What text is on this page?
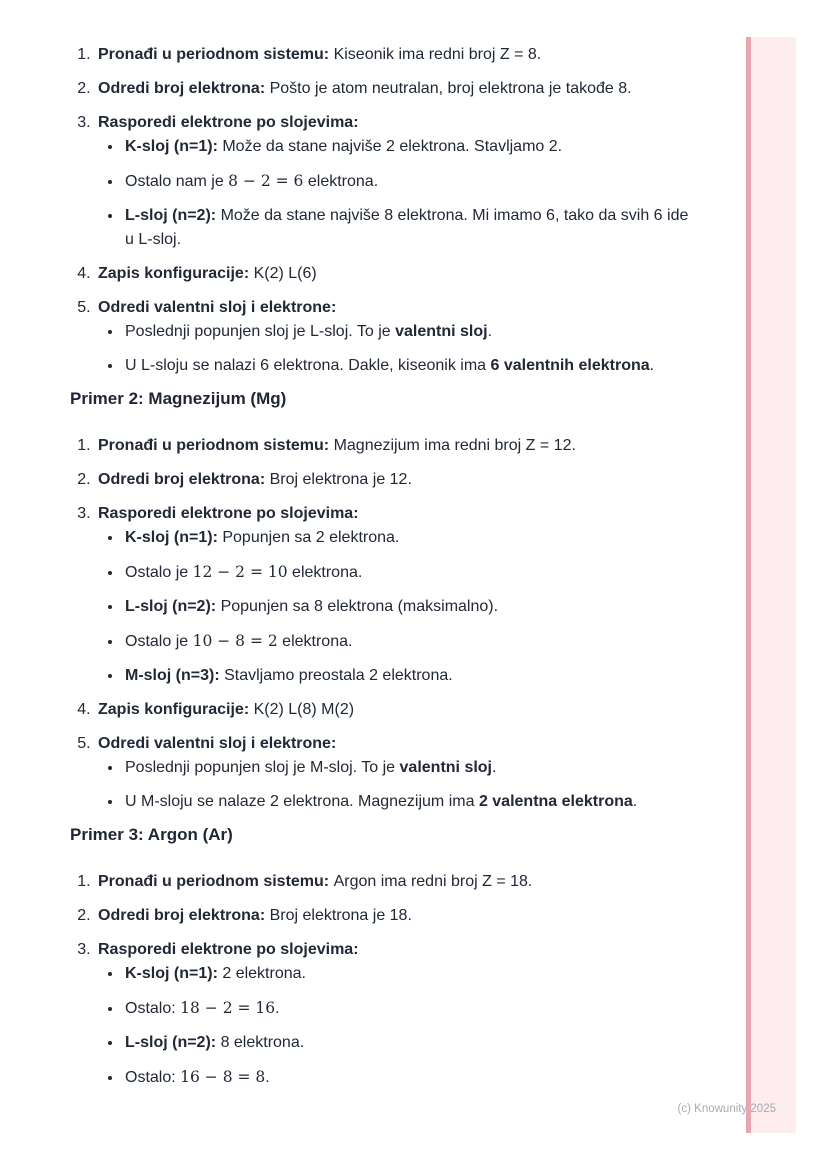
(c) Knowunity 2025
1. Pronađi u periodnom sistemu: Kiseonik ima redni broj Z = 8.
2. Odredi broj elektrona: Pošto je atom neutralan, broj elektrona je takođe 8.
3. Rasporedi elektrone po slojevima:
• K-sloj (n=1): Može da stane najviše 2 elektrona. Stavljamo 2.
• Ostalo nam je 8 − 2 = 6 elektrona.
• L-sloj (n=2): Može da stane najviše 8 elektrona. Mi imamo 6, tako da svih 6 ide u L-sloj.
4. Zapis konfiguracije: K(2) L(6)
5. Odredi valentni sloj i elektrone:
• Poslednji popunjen sloj je L-sloj. To je valentni sloj.
• U L-sloju se nalazi 6 elektrona. Dakle, kiseonik ima 6 valentnih elektrona.
Primer 2: Magnezijum (Mg)
1. Pronađi u periodnom sistemu: Magnezijum ima redni broj Z = 12.
2. Odredi broj elektrona: Broj elektrona je 12.
3. Rasporedi elektrone po slojevima:
• K-sloj (n=1): Popunjen sa 2 elektrona.
• Ostalo je 12 − 2 = 10 elektrona.
• L-sloj (n=2): Popunjen sa 8 elektrona (maksimalno).
• Ostalo je 10 − 8 = 2 elektrona.
• M-sloj (n=3): Stavljamo preostala 2 elektrona.
4. Zapis konfiguracije: K(2) L(8) M(2)
5. Odredi valentni sloj i elektrone:
• Poslednji popunjen sloj je M-sloj. To je valentni sloj.
• U M-sloju se nalaze 2 elektrona. Magnezijum ima 2 valentna elektrona.
Primer 3: Argon (Ar)
1. Pronađi u periodnom sistemu: Argon ima redni broj Z = 18.
2. Odredi broj elektrona: Broj elektrona je 18.
3. Rasporedi elektrone po slojevima:
• K-sloj (n=1): 2 elektrona.
• Ostalo: 18 − 2 = 16.
• L-sloj (n=2): 8 elektrona.
• Ostalo: 16 − 8 = 8.
